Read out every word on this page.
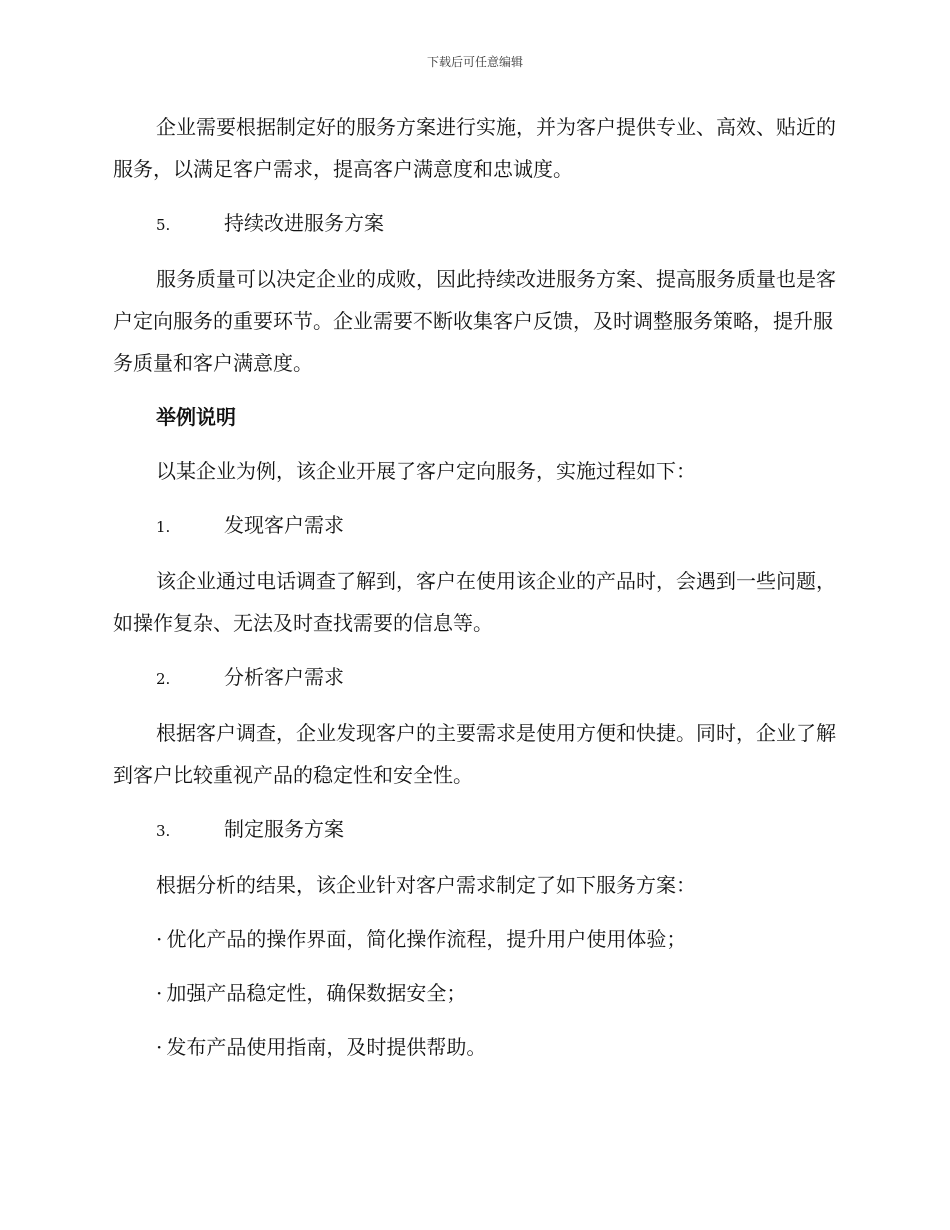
下载后可任意编辑

企业需要根据制定好的服务方案进行实施，并为客户提供专业、高效、贴近的服务，以满足客户需求，提高客户满意度和忠诚度。

5.	持续改进服务方案

服务质量可以决定企业的成败，因此持续改进服务方案、提高服务质量也是客户定向服务的重要环节。企业需要不断收集客户反馈，及时调整服务策略，提升服务质量和客户满意度。

举例说明

以某企业为例，该企业开展了客户定向服务，实施过程如下：

1.	发现客户需求

该企业通过电话调查了解到，客户在使用该企业的产品时，会遇到一些问题，如操作复杂、无法及时查找需要的信息等。

2.	分析客户需求

根据客户调查，企业发现客户的主要需求是使用方便和快捷。同时，企业了解到客户比较重视产品的稳定性和安全性。

3.	制定服务方案

根据分析的结果，该企业针对客户需求制定了如下服务方案：

· 优化产品的操作界面，简化操作流程，提升用户使用体验；
· 加强产品稳定性，确保数据安全；
· 发布产品使用指南，及时提供帮助。
